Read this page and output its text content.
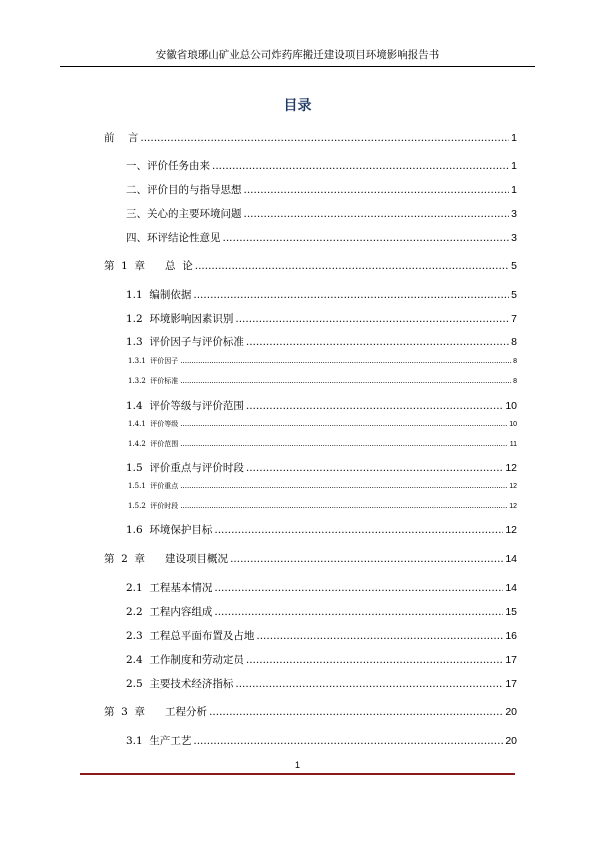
安徽省琅琊山矿业总公司炸药库搬迁建设项目环境影响报告书
目录
前    言 .....	1
一、评价任务由来 .....	1
二、评价目的与指导思想 .....	1
三、关心的主要环境问题 .....	3
四、环评结论性意见 .....	3
第  1  章      总  论 .....	5
1.1  编制依据 .....	5
1.2  环境影响因素识别 .....	7
1.3  评价因子与评价标准 .....	8
1.3.1  评价因子 .....	8
1.3.2  评价标准 .....	8
1.4  评价等级与评价范围 .....	10
1.4.1  评价等级 .....	10
1.4.2  评价范围 .....	11
1.5  评价重点与评价时段 .....	12
1.5.1  评价重点 .....	12
1.5.2  评价时段 .....	12
1.6  环境保护目标 .....	12
第  2  章      建设项目概况 .....	14
2.1  工程基本情况 .....	14
2.2  工程内容组成 .....	15
2.3  工程总平面布置及占地 .....	16
2.4  工作制度和劳动定员 .....	17
2.5  主要技术经济指标 .....	17
第  3  章      工程分析 .....	20
3.1  生产工艺 .....	20
1
